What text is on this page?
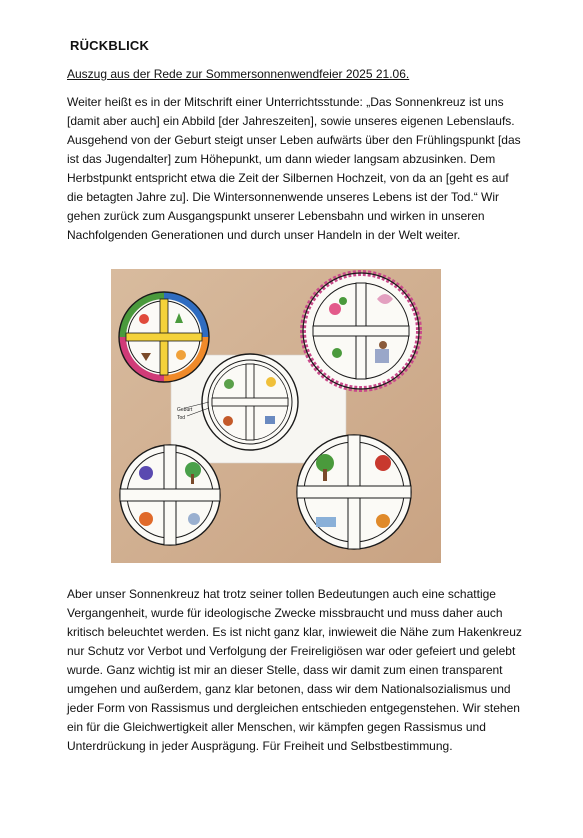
RÜCKBLICK
Auszug aus der Rede zur Sommersonnenwendfeier 2025 21.06.
Weiter heißt es in der Mitschrift einer Unterrichtsstunde: „Das Sonnenkreuz ist uns [damit aber auch] ein Abbild [der Jahreszeiten], sowie unseres eigenen Lebenslaufs. Ausgehend von der Geburt steigt unser Leben aufwärts über den Frühlingspunkt [das ist das Jugendalter] zum Höhepunkt, um dann wieder langsam abzusinken. Dem Herbstpunkt entspricht etwa die Zeit der Silbernen Hochzeit, von da an [geht es auf die betagten Jahre zu]. Die Wintersonnenwende unseres Lebens ist der Tod.“ Wir gehen zurück zum Ausgangspunkt unserer Lebensbahn und wirken in unseren Nachfolgenden Generationen und durch unser Handeln in der Welt weiter.
Geburt
Tod
Aber unser Sonnenkreuz hat trotz seiner tollen Bedeutungen auch eine schattige Vergangenheit, wurde für ideologische Zwecke missbraucht und muss daher auch kritisch beleuchtet werden. Es ist nicht ganz klar, inwieweit die Nähe zum Hakenkreuz nur Schutz vor Verbot und Verfolgung der Freireligiösen war oder gefeiert und gelebt wurde. Ganz wichtig ist mir an dieser Stelle, dass wir damit zum einen transparent umgehen und außerdem, ganz klar betonen, dass wir dem Nationalsozialismus und jeder Form von Rassismus und dergleichen entschieden entgegenstehen. Wir stehen ein für die Gleichwertigkeit aller Menschen, wir kämpfen gegen Rassismus und Unterdrückung in jeder Ausprägung. Für Freiheit und Selbstbestimmung.
